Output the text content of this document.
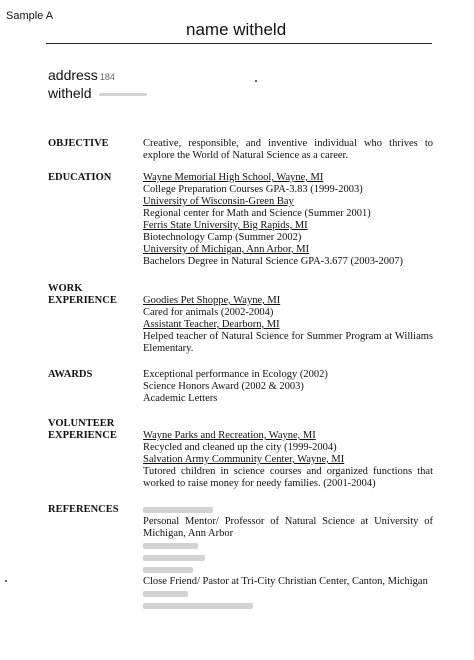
Sample A
name witheld
address 184
witheld
OBJECTIVE	Creative, responsible, and inventive individual who thrives to explore the World of Natural Science as a career.
EDUCATION	Wayne Memorial High School, Wayne, MI
College Preparation Courses GPA-3.83 (1999-2003)
University of Wisconsin-Green Bay
Regional center for Math and Science (Summer 2001)
Ferris State University, Big Rapids, MI
Biotechnology Camp (Summer 2002)
University of Michigan, Ann Arbor, MI
Bachelors Degree in Natural Science GPA-3.677 (2003-2007)
WORK
EXPERIENCE	Goodies Pet Shoppe, Wayne, MI
Cared for animals (2002-2004)
Assistant Teacher, Dearborn, MI
Helped teacher of Natural Science for Summer Program at Williams Elementary.
AWARDS	Exceptional performance in Ecology (2002)
Science Honors Award (2002 & 2003)
Academic Letters
VOLUNTEER
EXPERIENCE	Wayne Parks and Recreation, Wayne, MI
Recycled and cleaned up the city (1999-2004)
Salvation Army Community Center, Wayne, MI
Tutored children in science courses and organized functions that worked to raise money for needy families. (2001-2004)
REFERENCES
Personal Mentor/ Professor of Natural Science at University of Michigan, Ann Arbor
Close Friend/ Pastor at Tri-City Christian Center, Canton, Michigan
